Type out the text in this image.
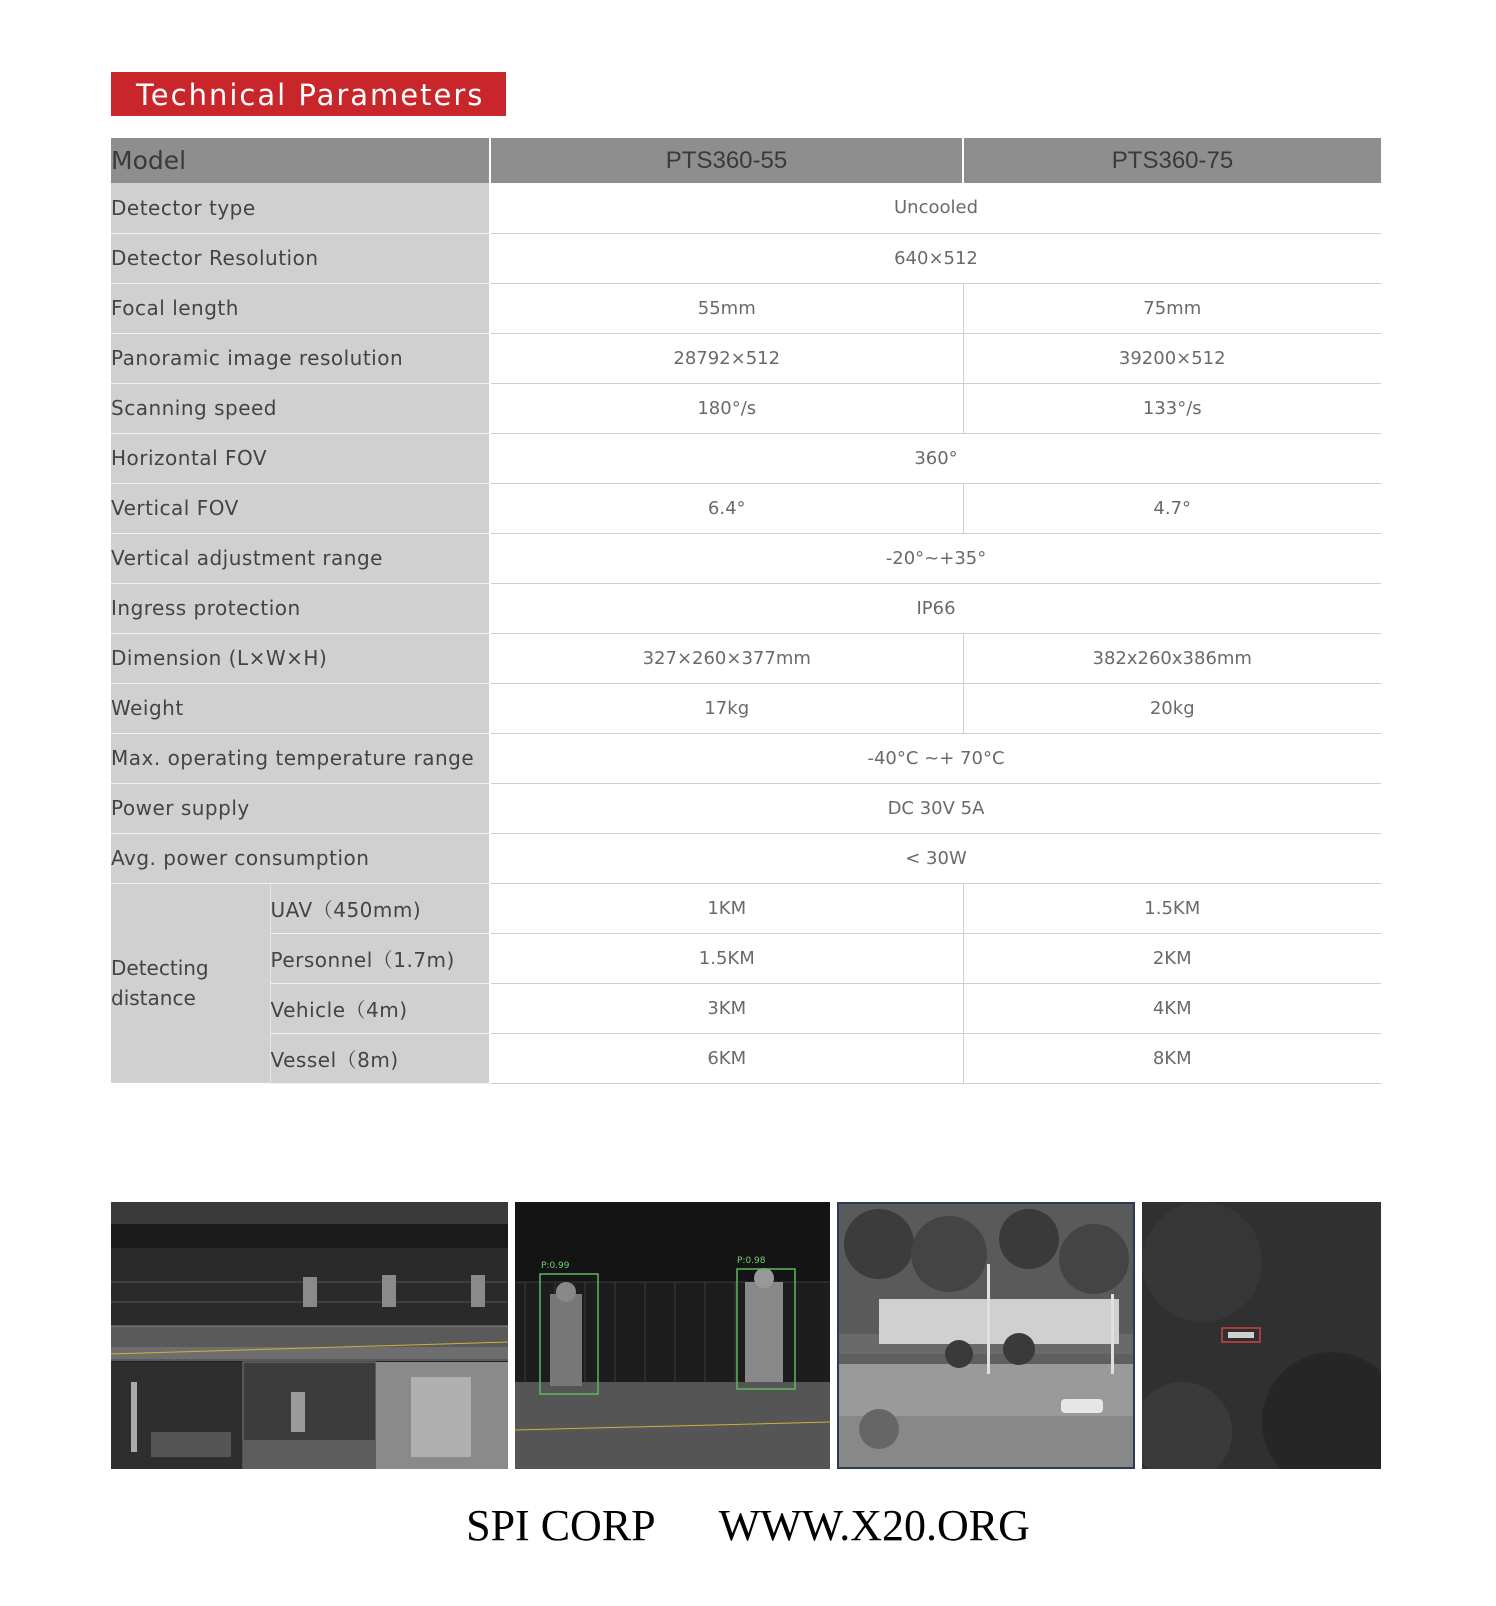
Technical Parameters
Model		PTS360-55	PTS360-75
Detector type		Uncooled	
Detector Resolution		640×512	
Focal length		55mm	75mm
Panoramic image resolution		28792×512	39200×512
Scanning speed		180°/s	133°/s
Horizontal FOV		360°	
Vertical FOV		6.4°	4.7°
Vertical adjustment range		-20°~+35°	
Ingress protection		IP66	
Dimension (L×W×H)		327×260×377mm	382x260x386mm
Weight		17kg	20kg
Max. operating temperature range		-40°C ~+ 70°C	
Power supply		DC 30V 5A	
Avg. power consumption		< 30W	

Detecting
distance	UAV（450mm)	1KM	1.5KM
	Personnel（1.7m)	1.5KM	2KM
	Vehicle（4m)	3KM	4KM
	Vessel（8m)	6KM	8KM
P:0.99	P:0.98
SPI CORP WWW.X20.ORG
